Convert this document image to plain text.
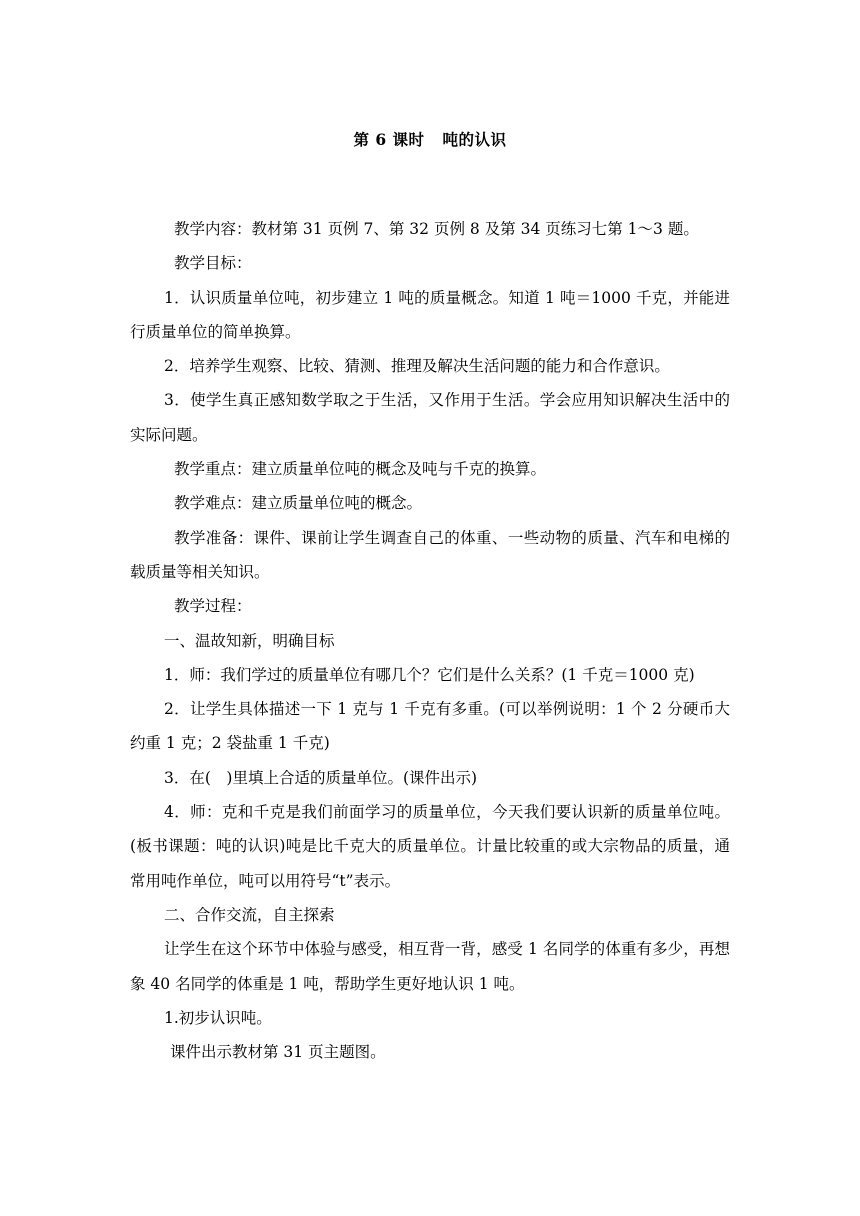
第 6 课时 吨的认识

教学内容：教材第 31 页例 7、第 32 页例 8 及第 34 页练习七第 1～3 题。

教学目标：

1．认识质量单位吨，初步建立 1 吨的质量概念。知道 1 吨＝1000 千克，并能进行质量单位的简单换算。

2．培养学生观察、比较、猜测、推理及解决生活问题的能力和合作意识。

3．使学生真正感知数学取之于生活，又作用于生活。学会应用知识解决生活中的实际问题。

教学重点：建立质量单位吨的概念及吨与千克的换算。

教学难点：建立质量单位吨的概念。

教学准备：课件、课前让学生调查自己的体重、一些动物的质量、汽车和电梯的载质量等相关知识。

教学过程：

一、温故知新，明确目标

1．师：我们学过的质量单位有哪几个？它们是什么关系？(1 千克＝1000 克)

2．让学生具体描述一下 1 克与 1 千克有多重。(可以举例说明：1 个 2 分硬币大约重 1 克；2 袋盐重 1 千克)

3．在(　)里填上合适的质量单位。(课件出示)

4．师：克和千克是我们前面学习的质量单位，今天我们要认识新的质量单位吨。(板书课题：吨的认识)吨是比千克大的质量单位。计量比较重的或大宗物品的质量，通常用吨作单位，吨可以用符号“t”表示。

二、合作交流，自主探索

让学生在这个环节中体验与感受，相互背一背，感受 1 名同学的体重有多少，再想象 40 名同学的体重是 1 吨，帮助学生更好地认识 1 吨。

1.初步认识吨。

课件出示教材第 31 页主题图。
